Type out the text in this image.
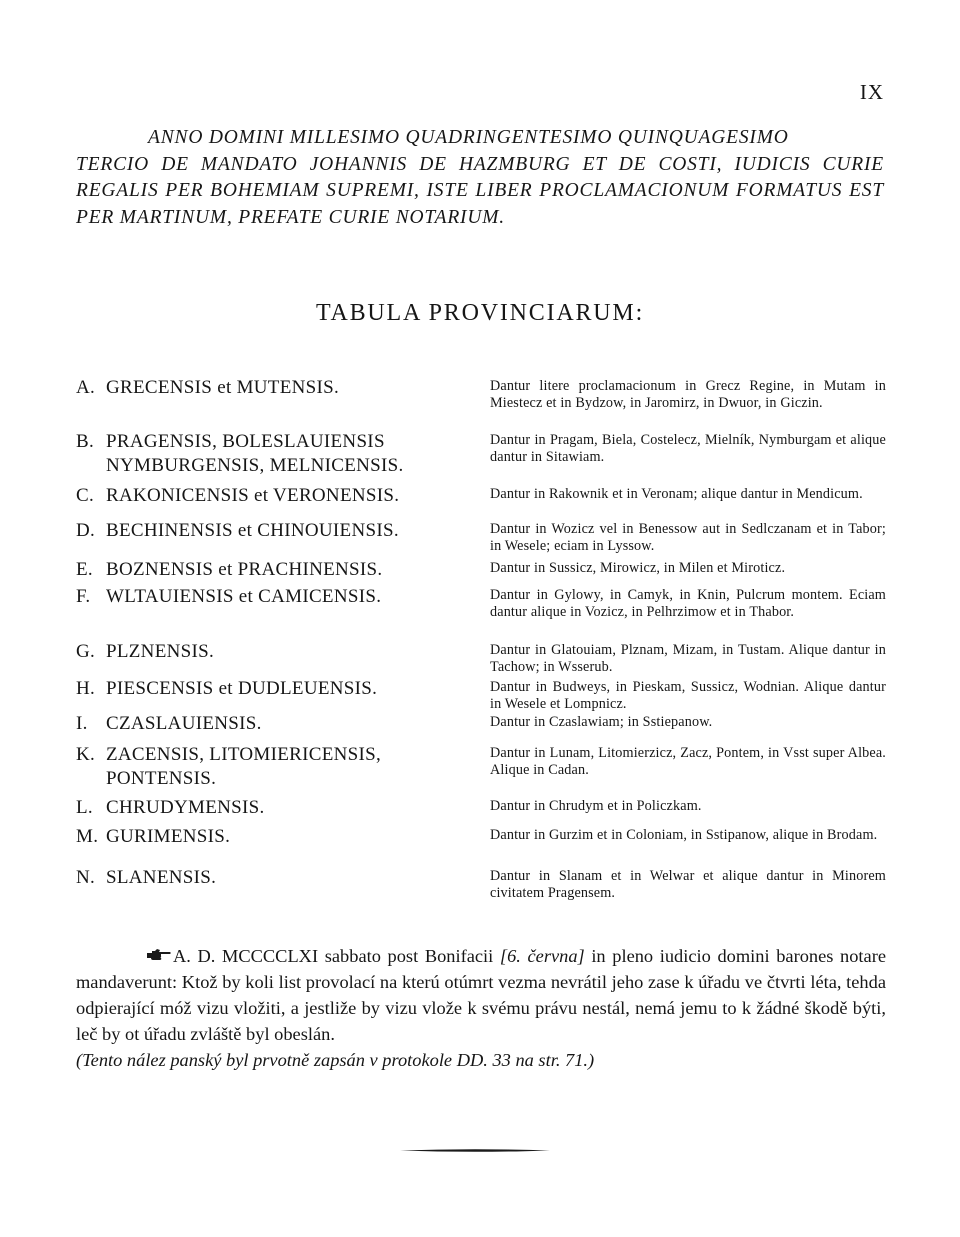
IX
ANNO DOMINI MILLESIMO QUADRINGENTESIMO QUINQUAGESIMO
TERCIO DE MANDATO JOHANNIS DE HAZMBURG ET DE COSTI, IUDICIS CURIE REGALIS PER BOHEMIAM SUPREMI, ISTE LIBER PROCLAMACIONUM FORMATUS EST PER MARTINUM, PREFATE CURIE NOTARIUM.
TABULA PROVINCIARUM:
A. GRECENSIS et MUTENSIS.	Dantur litere proclamacionum in Grecz Regine, in Mutam in Miestecz et in Bydzow, in Jaromirz, in Dwuor, in Giczin.
B. PRAGENSIS, BOLESLAUIENSIS NYMBURGENSIS, MELNICENSIS.
Dantur in Pragam, Biela, Costelecz, Mielník, Nymburgam et alique dantur in Sitawiam.
C. RAKONICENSIS et VERONENSIS.	Dantur in Rakownik et in Veronam; alique dantur in Mendicum.
D. BECHINENSIS et CHINOUIENSIS.	Dantur in Wozicz vel in Benessow aut in Sedlczanam et in Tabor; in Wesele; eciam in Lyssow.
E. BOZNENSIS et PRACHINENSIS.	Dantur in Sussicz, Mirowicz, in Milen et Miroticz.
F. WLTAUIENSIS et CAMICENSIS.	Dantur in Gylowy, in Camyk, in Knin, Pulcrum montem. Eciam dantur alique in Vozicz, in Pelhrzimow et in Thabor.
G. PLZNENSIS.	Dantur in Glatouiam, Plznam, Mizam, in Tustam. Alique dantur in Tachow; in Wsserub.
H. PIESCENSIS et DUDLEUENSIS.	Dantur in Budweys, in Pieskam, Sussicz, Wodnian. Alique dantur in Wesele et Lompnicz.
I. CZASLAUIENSIS.	Dantur in Czaslawiam; in Sstiepanow.
K. ZACENSIS, LITOMIERICENSIS, PONTENSIS.
Dantur in Lunam, Litomierzicz, Zacz, Pontem, in Vsst super Albea. Alique in Cadan.
L. CHRUDYMENSIS.	Dantur in Chrudym et in Policzkam.
M. GURIMENSIS.	Dantur in Gurzim et in Coloniam, in Sstipanow, alique in Brodam.
N. SLANENSIS.	Dantur in Slanam et in Welwar et alique dantur in Minorem civitatem Pragensem.
A. D. MCCCCLXI sabbato post Bonifacii [6. června] in pleno iudicio domini barones notare mandaverunt: Ktož by koli list provolací na kterú otúmrt vezma nevrátil jeho zase k úřadu ve čtvrti léta, tehda odpierající móž vizu vložiti, a jestliže by vizu vlože k svému právu nestál, nemá jemu to k žádné škodě býti, leč by ot úřadu zvláště byl obeslán.
(Tento nález panský byl prvotně zapsán v protokole DD. 33 na str. 71.)
